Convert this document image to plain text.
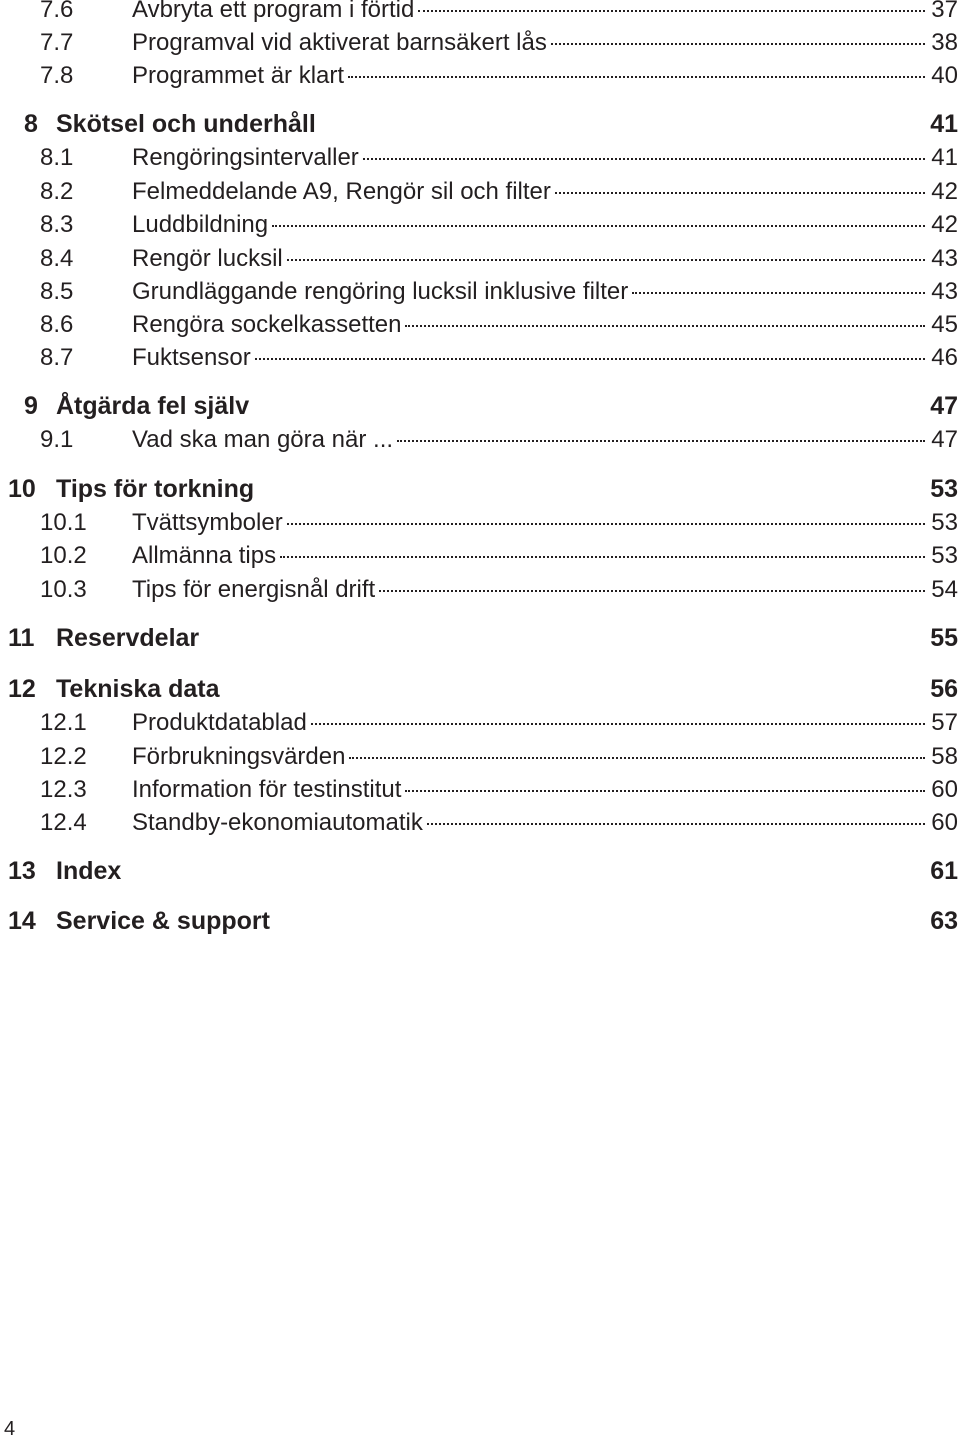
7.6	Avbryta ett program i förtid	37
7.7	Programval vid aktiverat barnsäkert lås	38
7.8	Programmet är klart	40
8 Skötsel och underhåll	41
8.1	Rengöringsintervaller	41
8.2	Felmeddelande A9, Rengör sil och filter	42
8.3	Luddbildning	42
8.4	Rengör lucksil	43
8.5	Grundläggande rengöring lucksil inklusive filter	43
8.6	Rengöra sockelkassetten	45
8.7	Fuktsensor	46
9 Åtgärda fel själv	47
9.1	Vad ska man göra när ...	47
10 Tips för torkning	53
10.1	Tvättsymboler	53
10.2	Allmänna tips	53
10.3	Tips för energisnål drift	54
11 Reservdelar	55
12 Tekniska data	56
12.1	Produktdatablad	57
12.2	Förbrukningsvärden	58
12.3	Information för testinstitut	60
12.4	Standby-ekonomiautomatik	60
13 Index	61
14 Service & support	63
4
